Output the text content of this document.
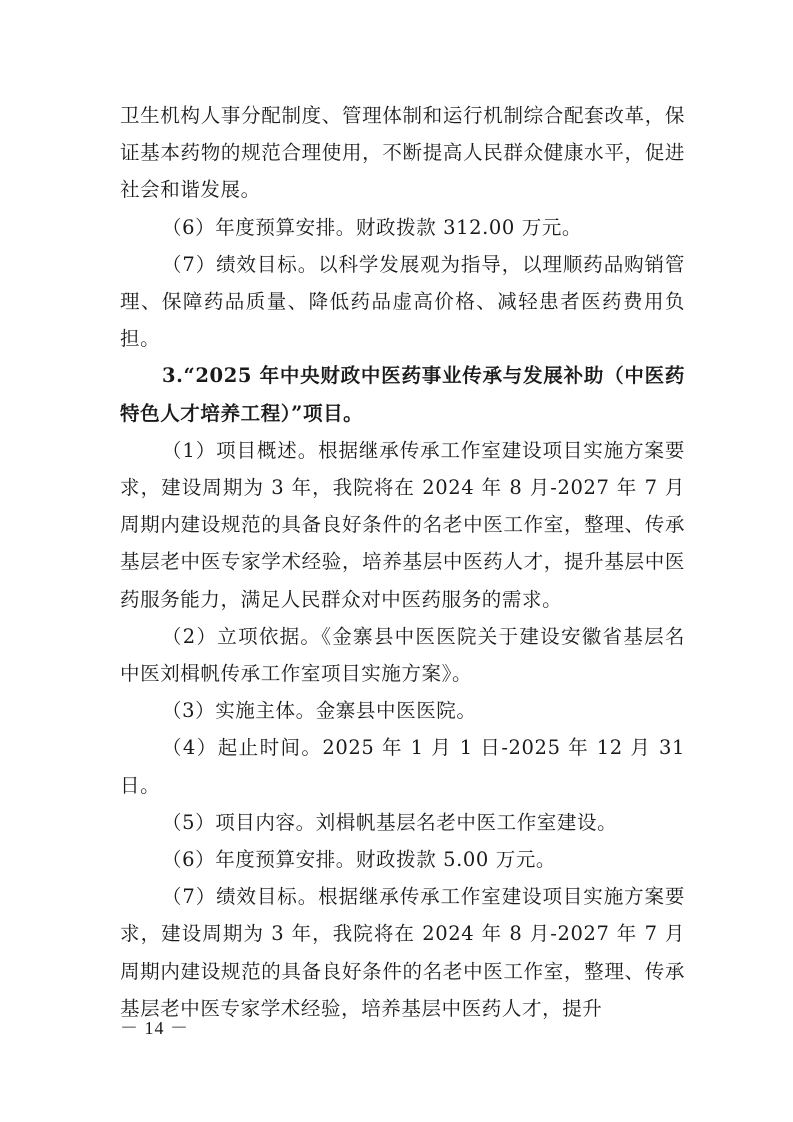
卫生机构人事分配制度、管理体制和运行机制综合配套改革，保证基本药物的规范合理使用，不断提高人民群众健康水平，促进社会和谐发展。

（6）年度预算安排。财政拨款 312.00 万元。

（7）绩效目标。以科学发展观为指导，以理顺药品购销管理、保障药品质量、降低药品虚高价格、减轻患者医药费用负担。

3.“2025 年中央财政中医药事业传承与发展补助（中医药特色人才培养工程）”项目。

（1）项目概述。根据继承传承工作室建设项目实施方案要求，建设周期为 3 年，我院将在 2024 年 8 月-2027 年 7 月周期内建设规范的具备良好条件的名老中医工作室，整理、传承基层老中医专家学术经验，培养基层中医药人才，提升基层中医药服务能力，满足人民群众对中医药服务的需求。

（2）立项依据。《金寨县中医医院关于建设安徽省基层名中医刘楫帆传承工作室项目实施方案》。

（3）实施主体。金寨县中医医院。

（4）起止时间。2025 年 1 月 1 日-2025 年 12 月 31 日。

（5）项目内容。刘楫帆基层名老中医工作室建设。

（6）年度预算安排。财政拨款 5.00 万元。

（7）绩效目标。根据继承传承工作室建设项目实施方案要求，建设周期为 3 年，我院将在 2024 年 8 月-2027 年 7 月周期内建设规范的具备良好条件的名老中医工作室，整理、传承基层老中医专家学术经验，培养基层中医药人才，提升

－ 14 －
